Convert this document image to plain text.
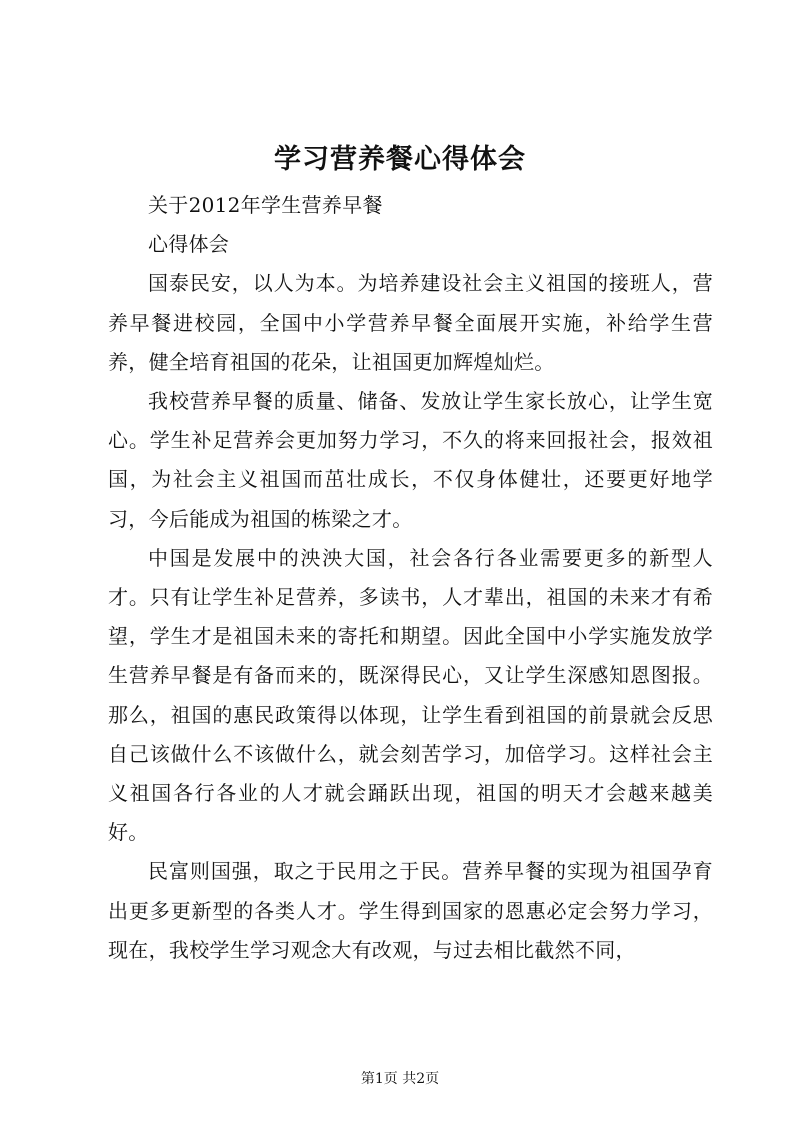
学习营养餐心得体会

关于2012年学生营养早餐

心得体会

国泰民安，以人为本。为培养建设社会主义祖国的接班人，营养早餐进校园，全国中小学营养早餐全面展开实施，补给学生营养，健全培育祖国的花朵，让祖国更加辉煌灿烂。

我校营养早餐的质量、储备、发放让学生家长放心，让学生宽心。学生补足营养会更加努力学习，不久的将来回报社会，报效祖国，为社会主义祖国而茁壮成长，不仅身体健壮，还要更好地学习，今后能成为祖国的栋梁之才。

中国是发展中的泱泱大国，社会各行各业需要更多的新型人才。只有让学生补足营养，多读书，人才辈出，祖国的未来才有希望，学生才是祖国未来的寄托和期望。因此全国中小学实施发放学生营养早餐是有备而来的，既深得民心，又让学生深感知恩图报。那么，祖国的惠民政策得以体现，让学生看到祖国的前景就会反思自己该做什么不该做什么，就会刻苦学习，加倍学习。这样社会主义祖国各行各业的人才就会踊跃出现，祖国的明天才会越来越美好。

民富则国强，取之于民用之于民。营养早餐的实现为祖国孕育出更多更新型的各类人才。学生得到国家的恩惠必定会努力学习，现在，我校学生学习观念大有改观，与过去相比截然不同，

第1页 共2页
